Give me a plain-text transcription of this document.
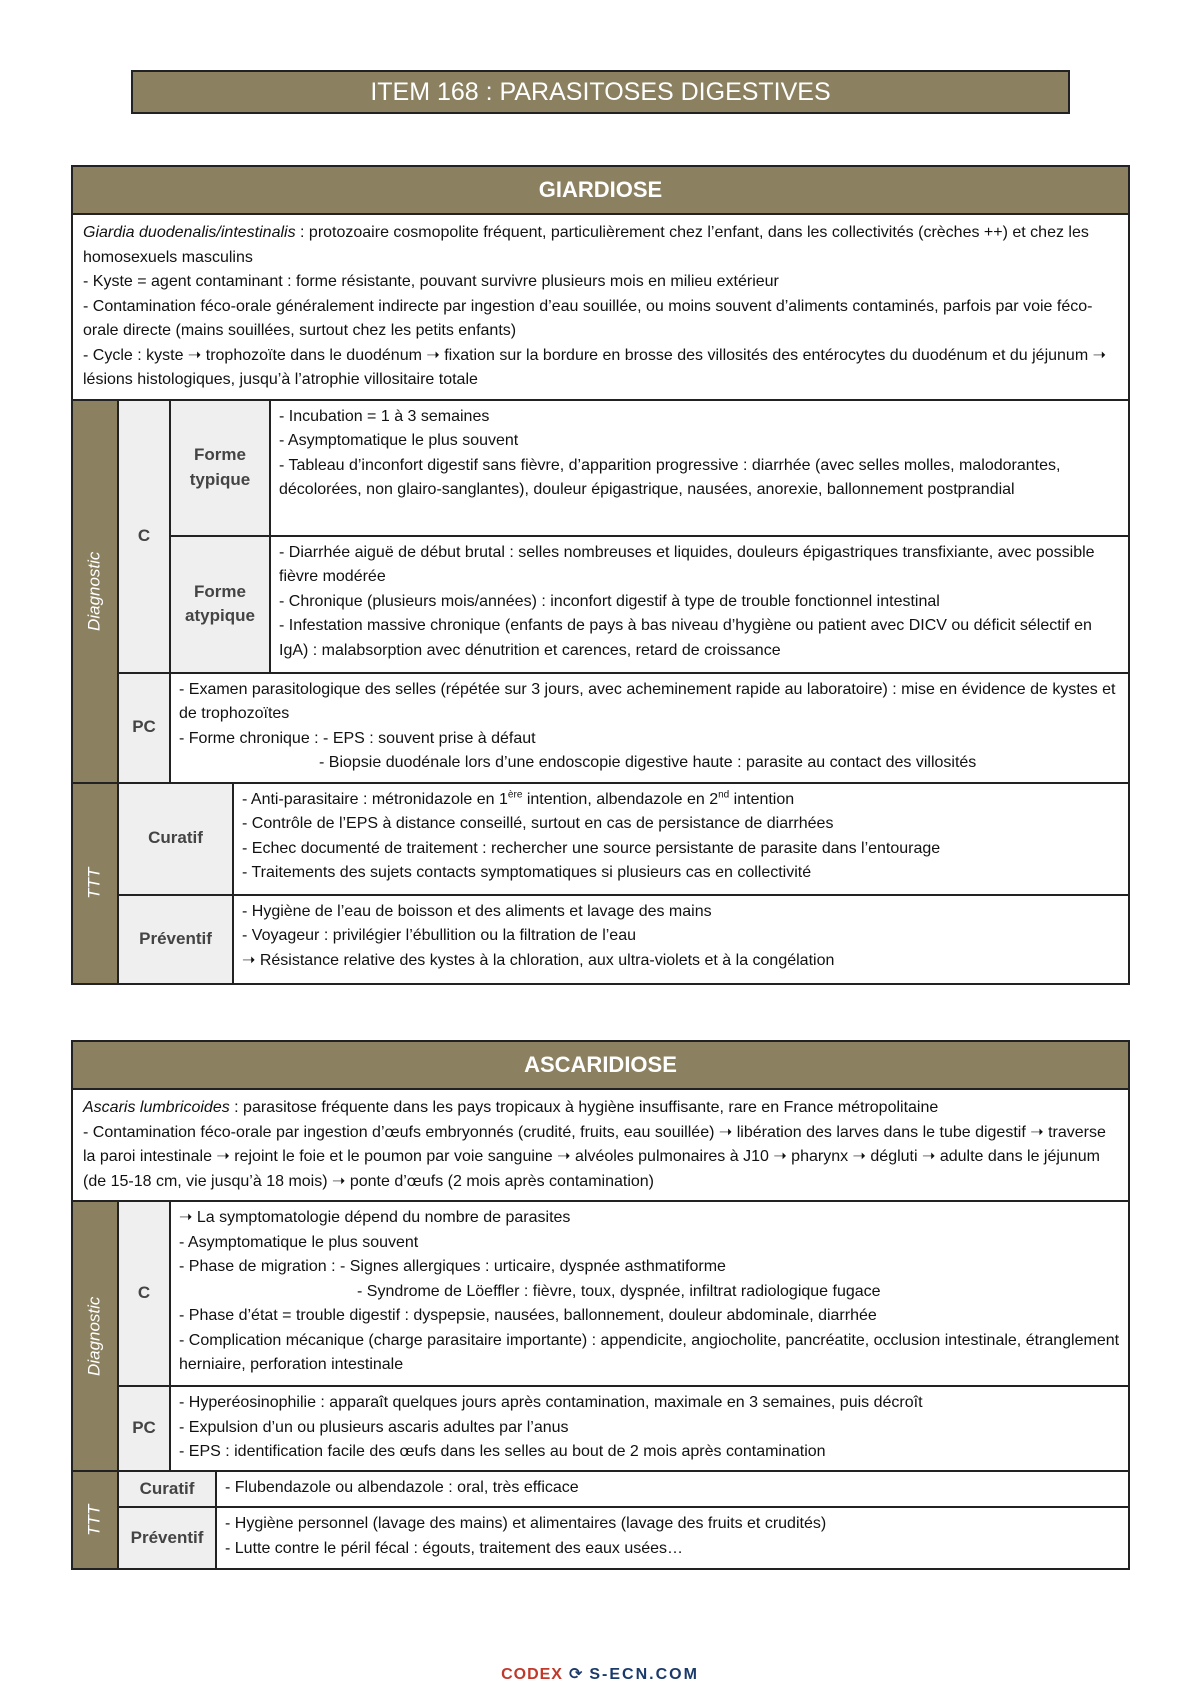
ITEM 168 : PARASITOSES DIGESTIVES
GIARDIOSE

Giardia duodenalis/intestinalis : protozoaire cosmopolite fréquent, particulièrement chez l’enfant, dans les collectivités (crèches ++) et chez les homosexuels masculins

- Kyste = agent contaminant : forme résistante, pouvant survivre plusieurs mois en milieu extérieur

- Contamination féco-orale généralement indirecte par ingestion d’eau souillée, ou moins souvent d’aliments contaminés, parfois par voie féco-orale directe (mains souillées, surtout chez les petits enfants)

- Cycle : kyste ➝ trophozoïte dans le duodénum ➝ fixation sur la bordure en brosse des villosités des entérocytes du duodénum et du jéjunum ➝ lésions histologiques, jusqu’à l’atrophie villositaire totale

Diagnostic
C
Forme typique

- Incubation = 1 à 3 semaines

- Asymptomatique le plus souvent

- Tableau d’inconfort digestif sans fièvre, d’apparition progressive : diarrhée (avec selles molles, malodorantes, décolorées, non glairo-sanglantes), douleur épigastrique, nausées, anorexie, ballonnement postprandial

Forme atypique

- Diarrhée aiguë de début brutal : selles nombreuses et liquides, douleurs épigastriques transfixiante, avec possible fièvre modérée

- Chronique (plusieurs mois/années) : inconfort digestif à type de trouble fonctionnel intestinal

- Infestation massive chronique (enfants de pays à bas niveau d’hygiène ou patient avec DICV ou déficit sélectif en IgA) : malabsorption avec dénutrition et carences, retard de croissance

PC

- Examen parasitologique des selles (répétée sur 3 jours, avec acheminement rapide au laboratoire) : mise en évidence de kystes et de trophozoïtes

- Forme chronique : - EPS : souvent prise à défaut

- Biopsie duodénale lors d’une endoscopie digestive haute : parasite au contact des villosités

TTT
Curatif

- Anti-parasitaire : métronidazole en 1ère intention, albendazole en 2nd intention

- Contrôle de l’EPS à distance conseillé, surtout en cas de persistance de diarrhées

- Echec documenté de traitement : rechercher une source persistante de parasite dans l’entourage

- Traitements des sujets contacts symptomatiques si plusieurs cas en collectivité

Préventif

- Hygiène de l’eau de boisson et des aliments et lavage des mains

- Voyageur : privilégier l’ébullition ou la filtration de l’eau

➝ Résistance relative des kystes à la chloration, aux ultra-violets et à la congélation

ASCARIDIOSE

Ascaris lumbricoides : parasitose fréquente dans les pays tropicaux à hygiène insuffisante, rare en France métropolitaine

- Contamination féco-orale par ingestion d’œufs embryonnés (crudité, fruits, eau souillée) ➝ libération des larves dans le tube digestif ➝ traverse la paroi intestinale ➝ rejoint le foie et le poumon par voie sanguine ➝ alvéoles pulmonaires à J10 ➝ pharynx ➝ dégluti ➝ adulte dans le jéjunum (de 15-18 cm, vie jusqu’à 18 mois) ➝ ponte d’œufs (2 mois après contamination)

Diagnostic
C

➝ La symptomatologie dépend du nombre de parasites

- Asymptomatique le plus souvent

- Phase de migration : - Signes allergiques : urticaire, dyspnée asthmatiforme

- Syndrome de Löeffler : fièvre, toux, dyspnée, infiltrat radiologique fugace

- Phase d’état = trouble digestif : dyspepsie, nausées, ballonnement, douleur abdominale, diarrhée

- Complication mécanique (charge parasitaire importante) : appendicite, angiocholite, pancréatite, occlusion intestinale, étranglement herniaire, perforation intestinale

PC

- Hyperéosinophilie : apparaît quelques jours après contamination, maximale en 3 semaines, puis décroît

- Expulsion d’un ou plusieurs ascaris adultes par l’anus

- EPS : identification facile des œufs dans les selles au bout de 2 mois après contamination

TTT
Curatif	- Flubendazole ou albendazole : oral, très efficace

Préventif

- Hygiène personnel (lavage des mains) et alimentaires (lavage des fruits et crudités)

- Lutte contre le péril fécal : égouts, traitement des eaux usées…

CODEX ⟳ S-ECN.COM
